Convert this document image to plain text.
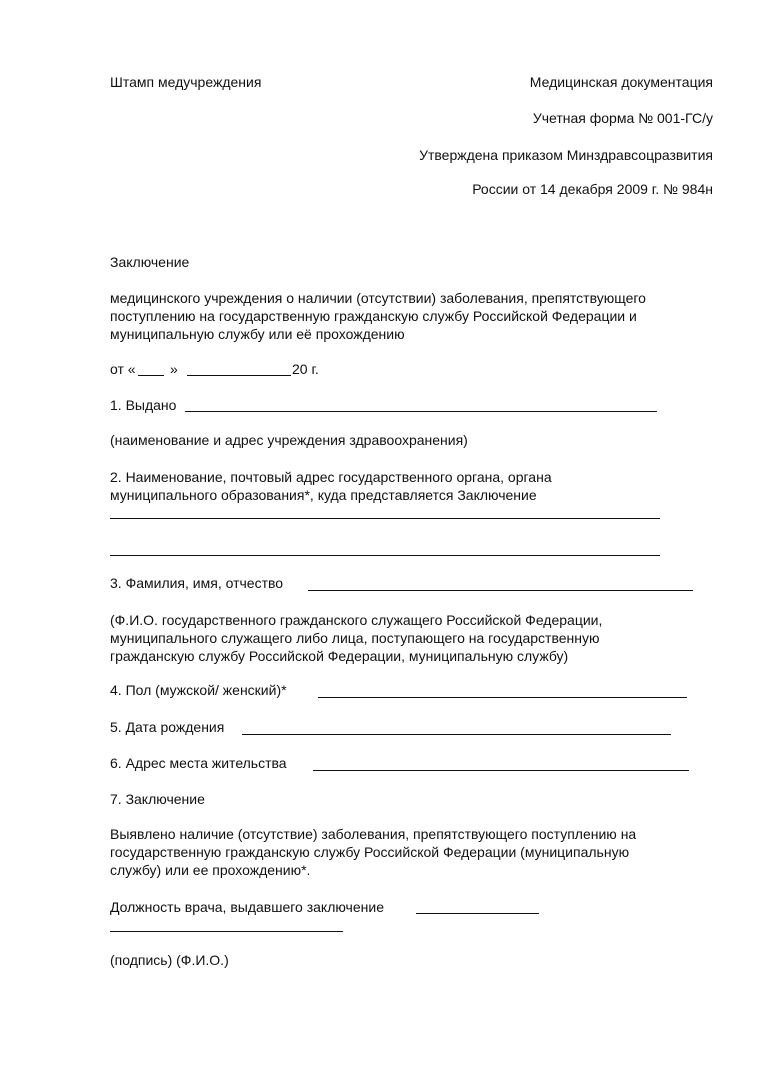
Штамп медучреждения	Медицинская документация
Учетная форма № 001-ГС/у
Утверждена приказом Минздравсоцразвития
России от 14 декабря 2009 г. № 984н
Заключение
медицинского учреждения о наличии (отсутствии) заболевания, препятствующего
поступлению на государственную гражданскую службу Российской Федерации и
муниципальную службу или её прохождению
от « »	20 г.
1. Выдано
(наименование и адрес учреждения здравоохранения)
2. Наименование, почтовый адрес государственного органа, органа
муниципального образования*, куда представляется Заключение
3. Фамилия, имя, отчество
(Ф.И.О. государственного гражданского служащего Российской Федерации,
муниципального служащего либо лица, поступающего на государственную
гражданскую службу Российской Федерации, муниципальную службу)
4. Пол (мужской/ женский)*
5. Дата рождения
6. Адрес места жительства
7. Заключение
Выявлено наличие (отсутствие) заболевания, препятствующего поступлению на
государственную гражданскую службу Российской Федерации (муниципальную
службу) или ее прохождению*.
Должность врача, выдавшего заключение
(подпись) (Ф.И.О.)
